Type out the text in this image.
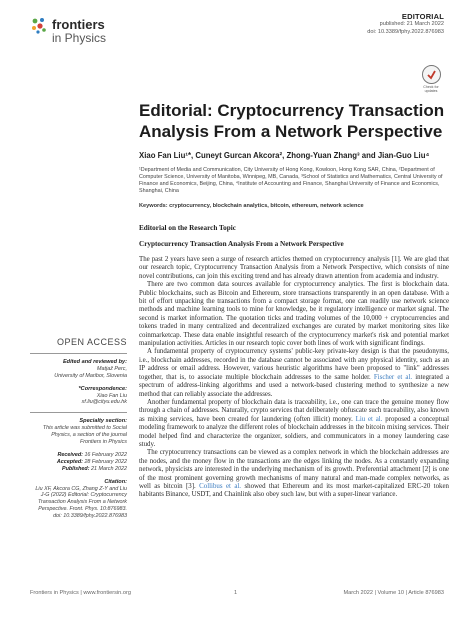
frontiers
in Physics
EDITORIAL
published: 21 March 2022
doi: 10.3389/fphy.2022.876983
Check for updates
Editorial: Cryptocurrency Transaction Analysis From a Network Perspective
Xiao Fan Liu¹*, Cuneyt Gurcan Akcora², Zhong-Yuan Zhang³ and Jian-Guo Liu⁴
¹Department of Media and Communication, City University of Hong Kong, Kowloon, Hong Kong SAR, China, ²Department of Computer Science, University of Manitoba, Winnipeg, MB, Canada, ³School of Statistics and Mathematics, Central University of Finance and Economics, Beijing, China, ⁴Institute of Accounting and Finance, Shanghai University of Finance and Economics, Shanghai, China
Keywords: cryptocurrency, blockchain analytics, bitcoin, ethereum, network science
Editorial on the Research Topic
Cryptocurrency Transaction Analysis From a Network Perspective

The past 2 years have seen a surge of research articles themed on cryptocurrency analysis [1]. We are glad that our research topic, Cryptocurrency Transaction Analysis from a Network Perspective, which consists of nine novel contributions, can join this exciting trend and has already drawn attention from academia and industry.

There are two common data sources available for cryptocurrency analytics. The first is blockchain data. Public blockchains, such as Bitcoin and Ethereum, store transactions transparently in an open database. With a bit of effort unpacking the transactions from a compact storage format, one can readily use network science methods and machine learning tools to mine for knowledge, be it regulatory intelligence or market signal. The second is market information. The quotation ticks and trading volumes of the 10,000 + cryptocurrencies and tokens traded in many centralized and decentralized exchanges are curated by market monitoring sites like coinmarketcap. These data enable insightful research of the cryptocurrency market's risk and potential market manipulation activities. Articles in our research topic cover both lines of work with significant findings.

A fundamental property of cryptocurrency systems' public-key private-key design is that the pseudonyms, i.e., blockchain addresses, recorded in the database cannot be associated with any physical identity, such as an IP address or email address. However, various heuristic algorithms have been proposed to "link" addresses together, that is, to associate multiple blockchain addresses to the same holder. Fischer et al. integrated a spectrum of address-linking algorithms and used a network-based clustering method to synthesize a new method that can reliably associate the addresses.

Another fundamental property of blockchain data is traceability, i.e., one can trace the genuine money flow through a chain of addresses. Naturally, crypto services that deliberately obfuscate such traceability, also known as mixing services, have been created for laundering (often illicit) money. Liu et al. proposed a conceptual modeling framework to analyze the different roles of blockchain addresses in the bitcoin mixing services. Their model helped find and characterize the organizer, soldiers, and communicators in a money laundering case study.

The cryptocurrency transactions can be viewed as a complex network in which the blockchain addresses are the nodes, and the money flow in the transactions are the edges linking the nodes. As a constantly expanding network, physicists are interested in the underlying mechanism of its growth. Preferential attachment [2] is one of the most prominent governing growth mechanisms of many natural and man-made complex networks, as well as bitcoin [3]. Collibus et al. showed that Ethereum and its most market-capitalized ERC-20 token habitants Binance, USDT, and Chainlink also obey such law, but with a super-linear variance.

OPEN ACCESS
Edited and reviewed by:
Matjaž Perc,
University of Maribor, Slovenia
*Correspondence:
Xiao Fan Liu
xf.liu@cityu.edu.hk
Specialty section:
This article was submitted to Social Physics, a section of the journal Frontiers in Physics
Received: 16 February 2022
Accepted: 28 February 2022
Published: 21 March 2022
Citation:
Liu XF, Akcora CG, Zhang Z-Y and Liu J-G (2022) Editorial: Cryptocurrency Transaction Analysis From a Network Perspective. Front. Phys. 10:876983. doi: 10.3389/fphy.2022.876983
Frontiers in Physics | www.frontiersin.org	1	March 2022 | Volume 10 | Article 876983
